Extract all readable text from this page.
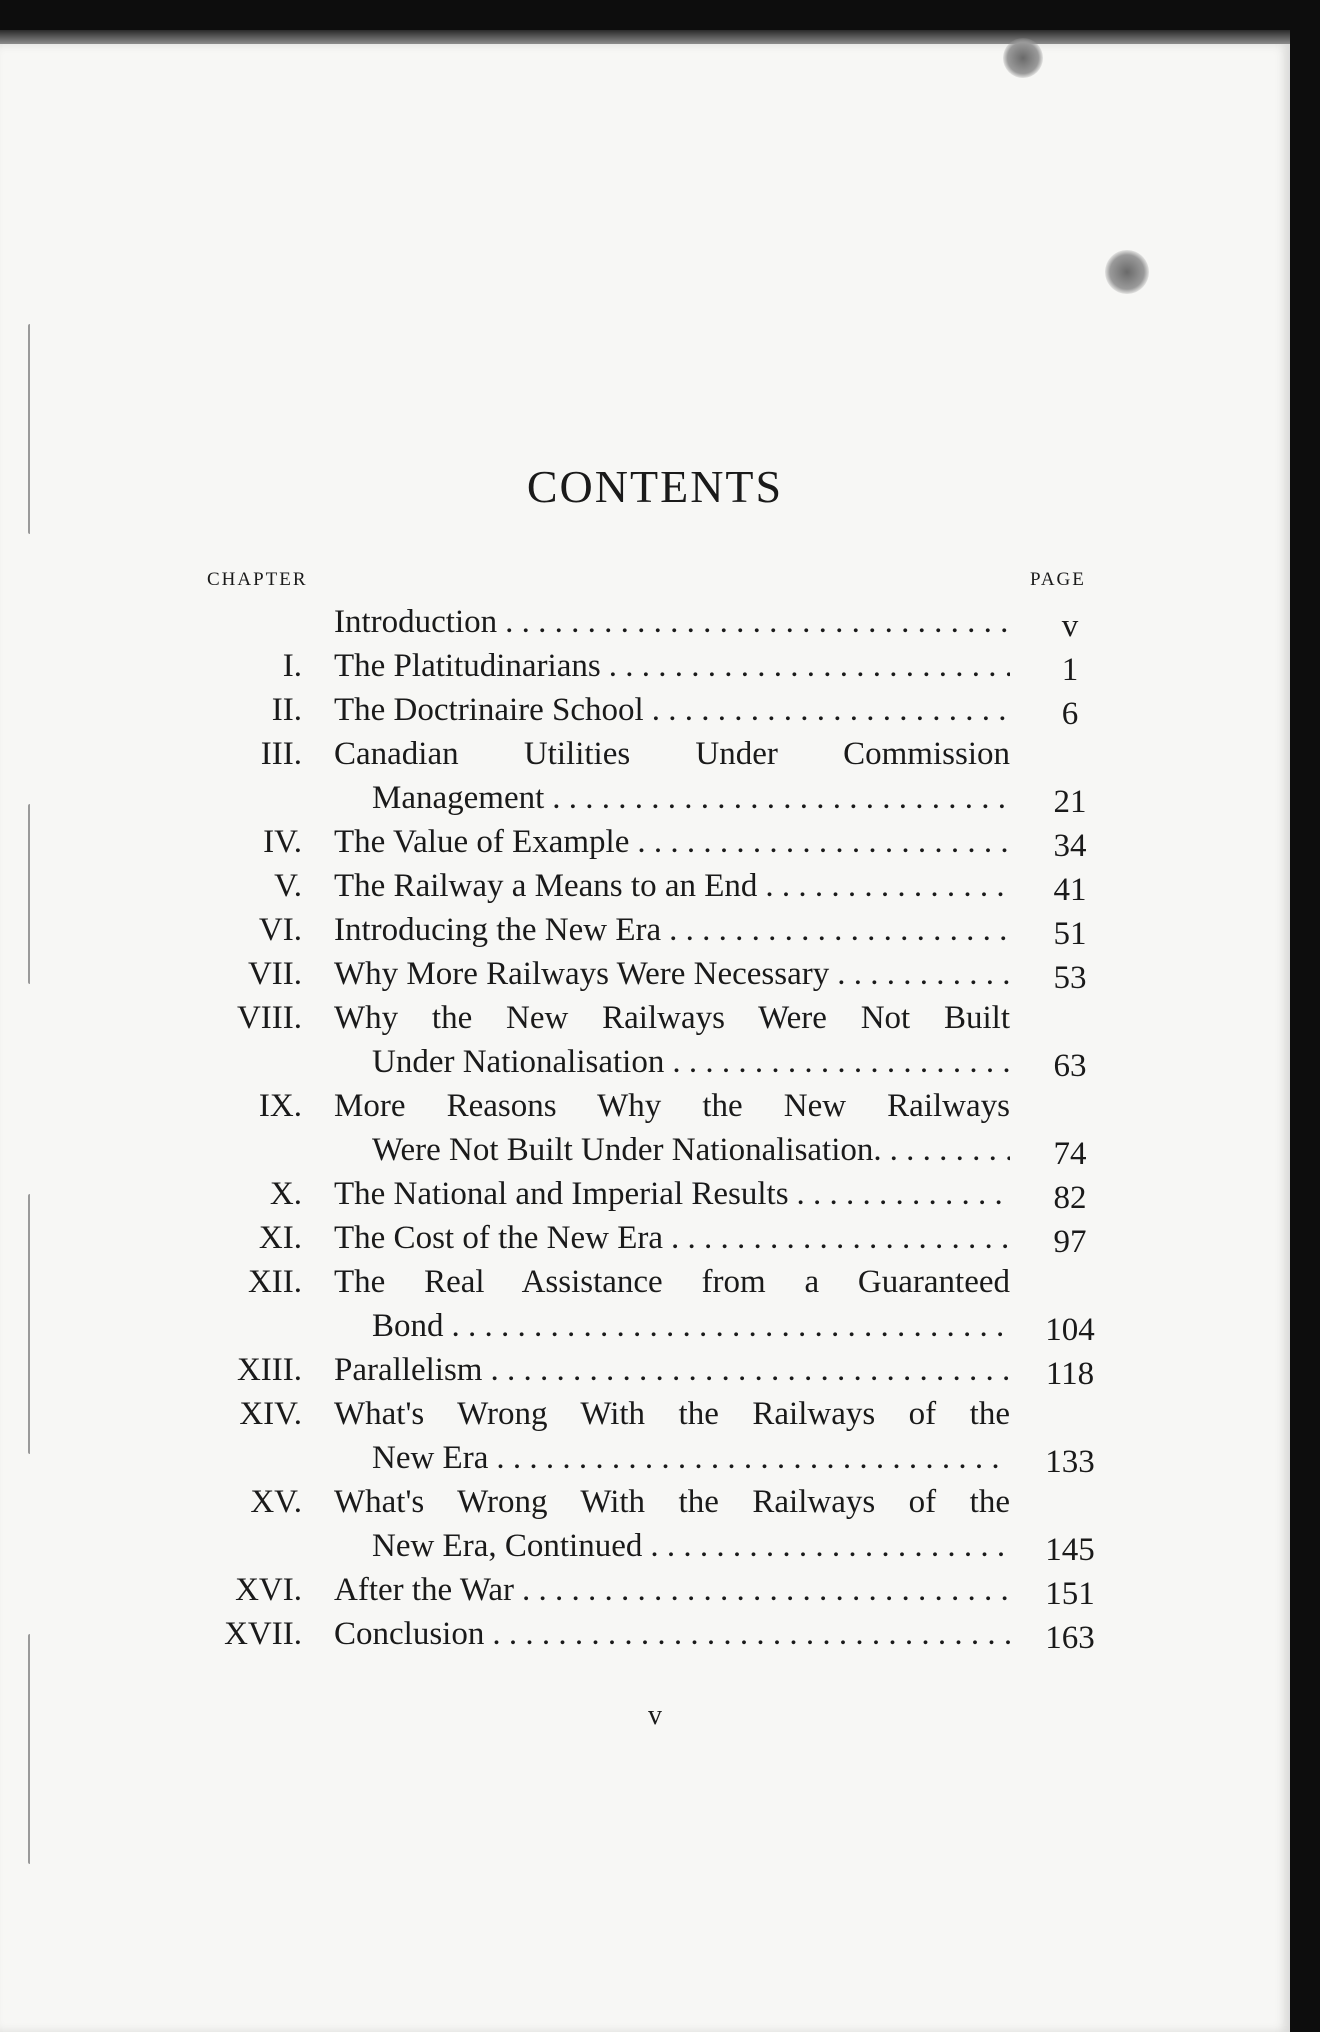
CONTENTS
CHAPTER	PAGE
Introduction . . .	v
I. The Platitudinarians . . .	1
II. The Doctrinaire School . . .	6
III. Canadian Utilities Under Commission
Management . . .	21
IV. The Value of Example . . .	34
V. The Railway a Means to an End . . .	41
VI. Introducing the New Era . . .	51
VII. Why More Railways Were Necessary . . .	53
VIII. Why the New Railways Were Not Built
Under Nationalisation . . .	63
IX. More Reasons Why the New Railways
Were Not Built Under Nationalisation. . . .	74
X. The National and Imperial Results . . .	82
XI. The Cost of the New Era . . .	97
XII. The Real Assistance from a Guaranteed
Bond . . .	104
XIII. Parallelism . . .	118
XIV. What's Wrong With the Railways of the
New Era . . .	133
XV. What's Wrong With the Railways of the
New Era, Continued . . .	145
XVI. After the War . . .	151
XVII. Conclusion . . .	163
v
